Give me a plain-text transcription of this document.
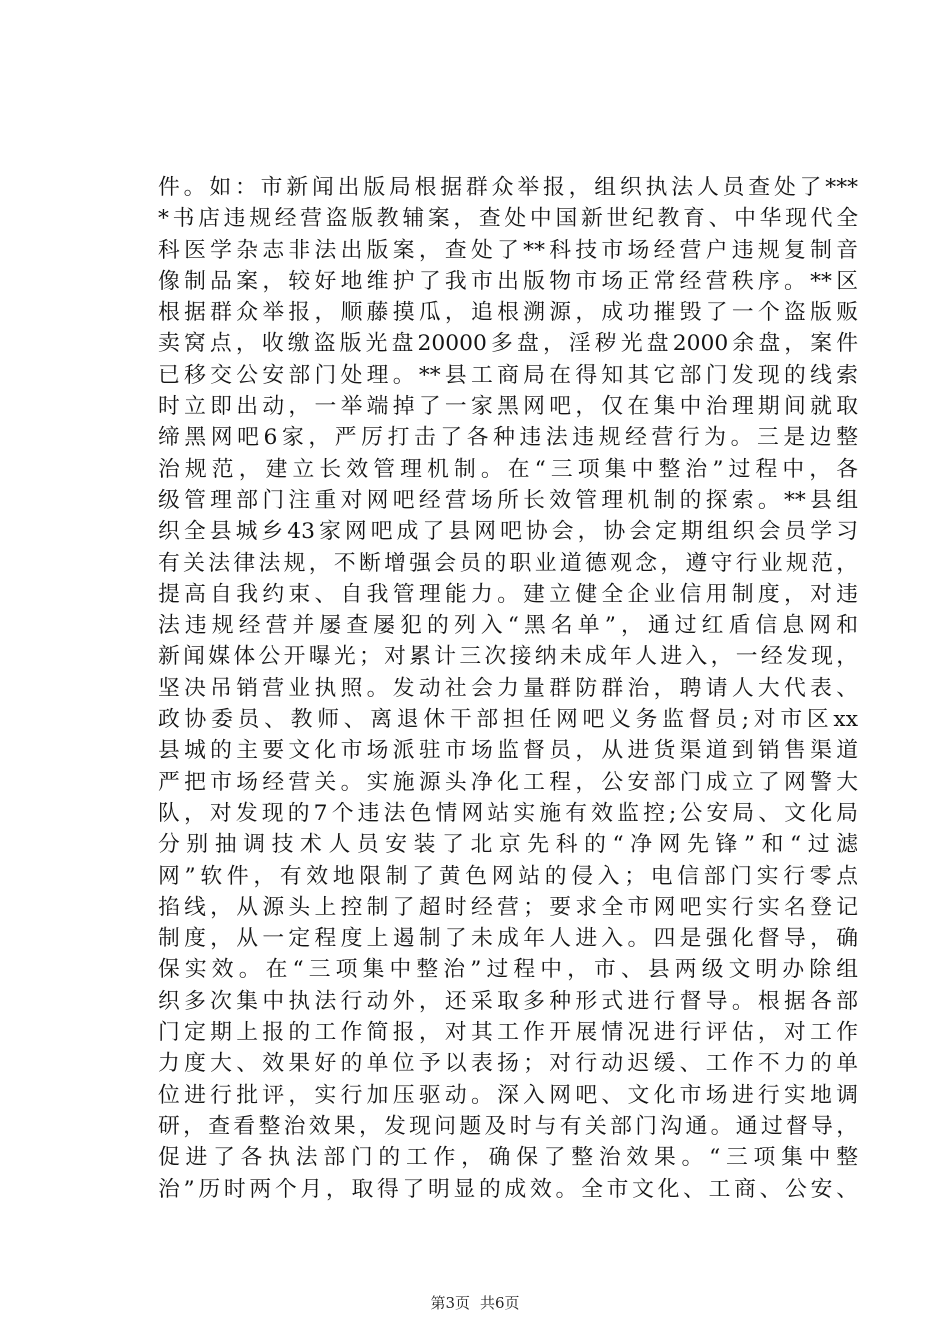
件。如：市新闻出版局根据群众举报，组织执法人员查处了***
*书店违规经营盗版教辅案，查处中国新世纪教育、中华现代全
科医学杂志非法出版案，查处了**科技市场经营户违规复制音
像制品案，较好地维护了我市出版物市场正常经营秩序。**区
根据群众举报，顺藤摸瓜，追根溯源，成功摧毁了一个盗版贩
卖窝点，收缴盗版光盘20000多盘，淫秽光盘2000余盘，案件
已移交公安部门处理。**县工商局在得知其它部门发现的线索
时立即出动，一举端掉了一家黑网吧，仅在集中治理期间就取
缔黑网吧6家，严厉打击了各种违法违规经营行为。三是边整
治规范，建立长效管理机制。在“三项集中整治”过程中，各
级管理部门注重对网吧经营场所长效管理机制的探索。**县组
织全县城乡43家网吧成了县网吧协会，协会定期组织会员学习
有关法律法规，不断增强会员的职业道德观念，遵守行业规范，
提高自我约束、自我管理能力。建立健全企业信用制度，对违
法违规经营并屡查屡犯的列入“黑名单”，通过红盾信息网和
新闻媒体公开曝光；对累计三次接纳未成年人进入，一经发现，
坚决吊销营业执照。发动社会力量群防群治，聘请人大代表、
政协委员、教师、离退休干部担任网吧义务监督员;对市区xx
县城的主要文化市场派驻市场监督员，从进货渠道到销售渠道
严把市场经营关。实施源头净化工程，公安部门成立了网警大
队，对发现的7个违法色情网站实施有效监控;公安局、文化局
分别抽调技术人员安装了北京先科的“净网先锋”和“过滤
网”软件，有效地限制了黄色网站的侵入；电信部门实行零点
掐线，从源头上控制了超时经营；要求全市网吧实行实名登记
制度，从一定程度上遏制了未成年人进入。四是强化督导，确
保实效。在“三项集中整治”过程中，市、县两级文明办除组
织多次集中执法行动外，还采取多种形式进行督导。根据各部
门定期上报的工作简报，对其工作开展情况进行评估，对工作
力度大、效果好的单位予以表扬；对行动迟缓、工作不力的单
位进行批评，实行加压驱动。深入网吧、文化市场进行实地调
研，查看整治效果，发现问题及时与有关部门沟通。通过督导，
促进了各执法部门的工作，确保了整治效果。“三项集中整
治”历时两个月，取得了明显的成效。全市文化、工商、公安、
第3页 共6页
